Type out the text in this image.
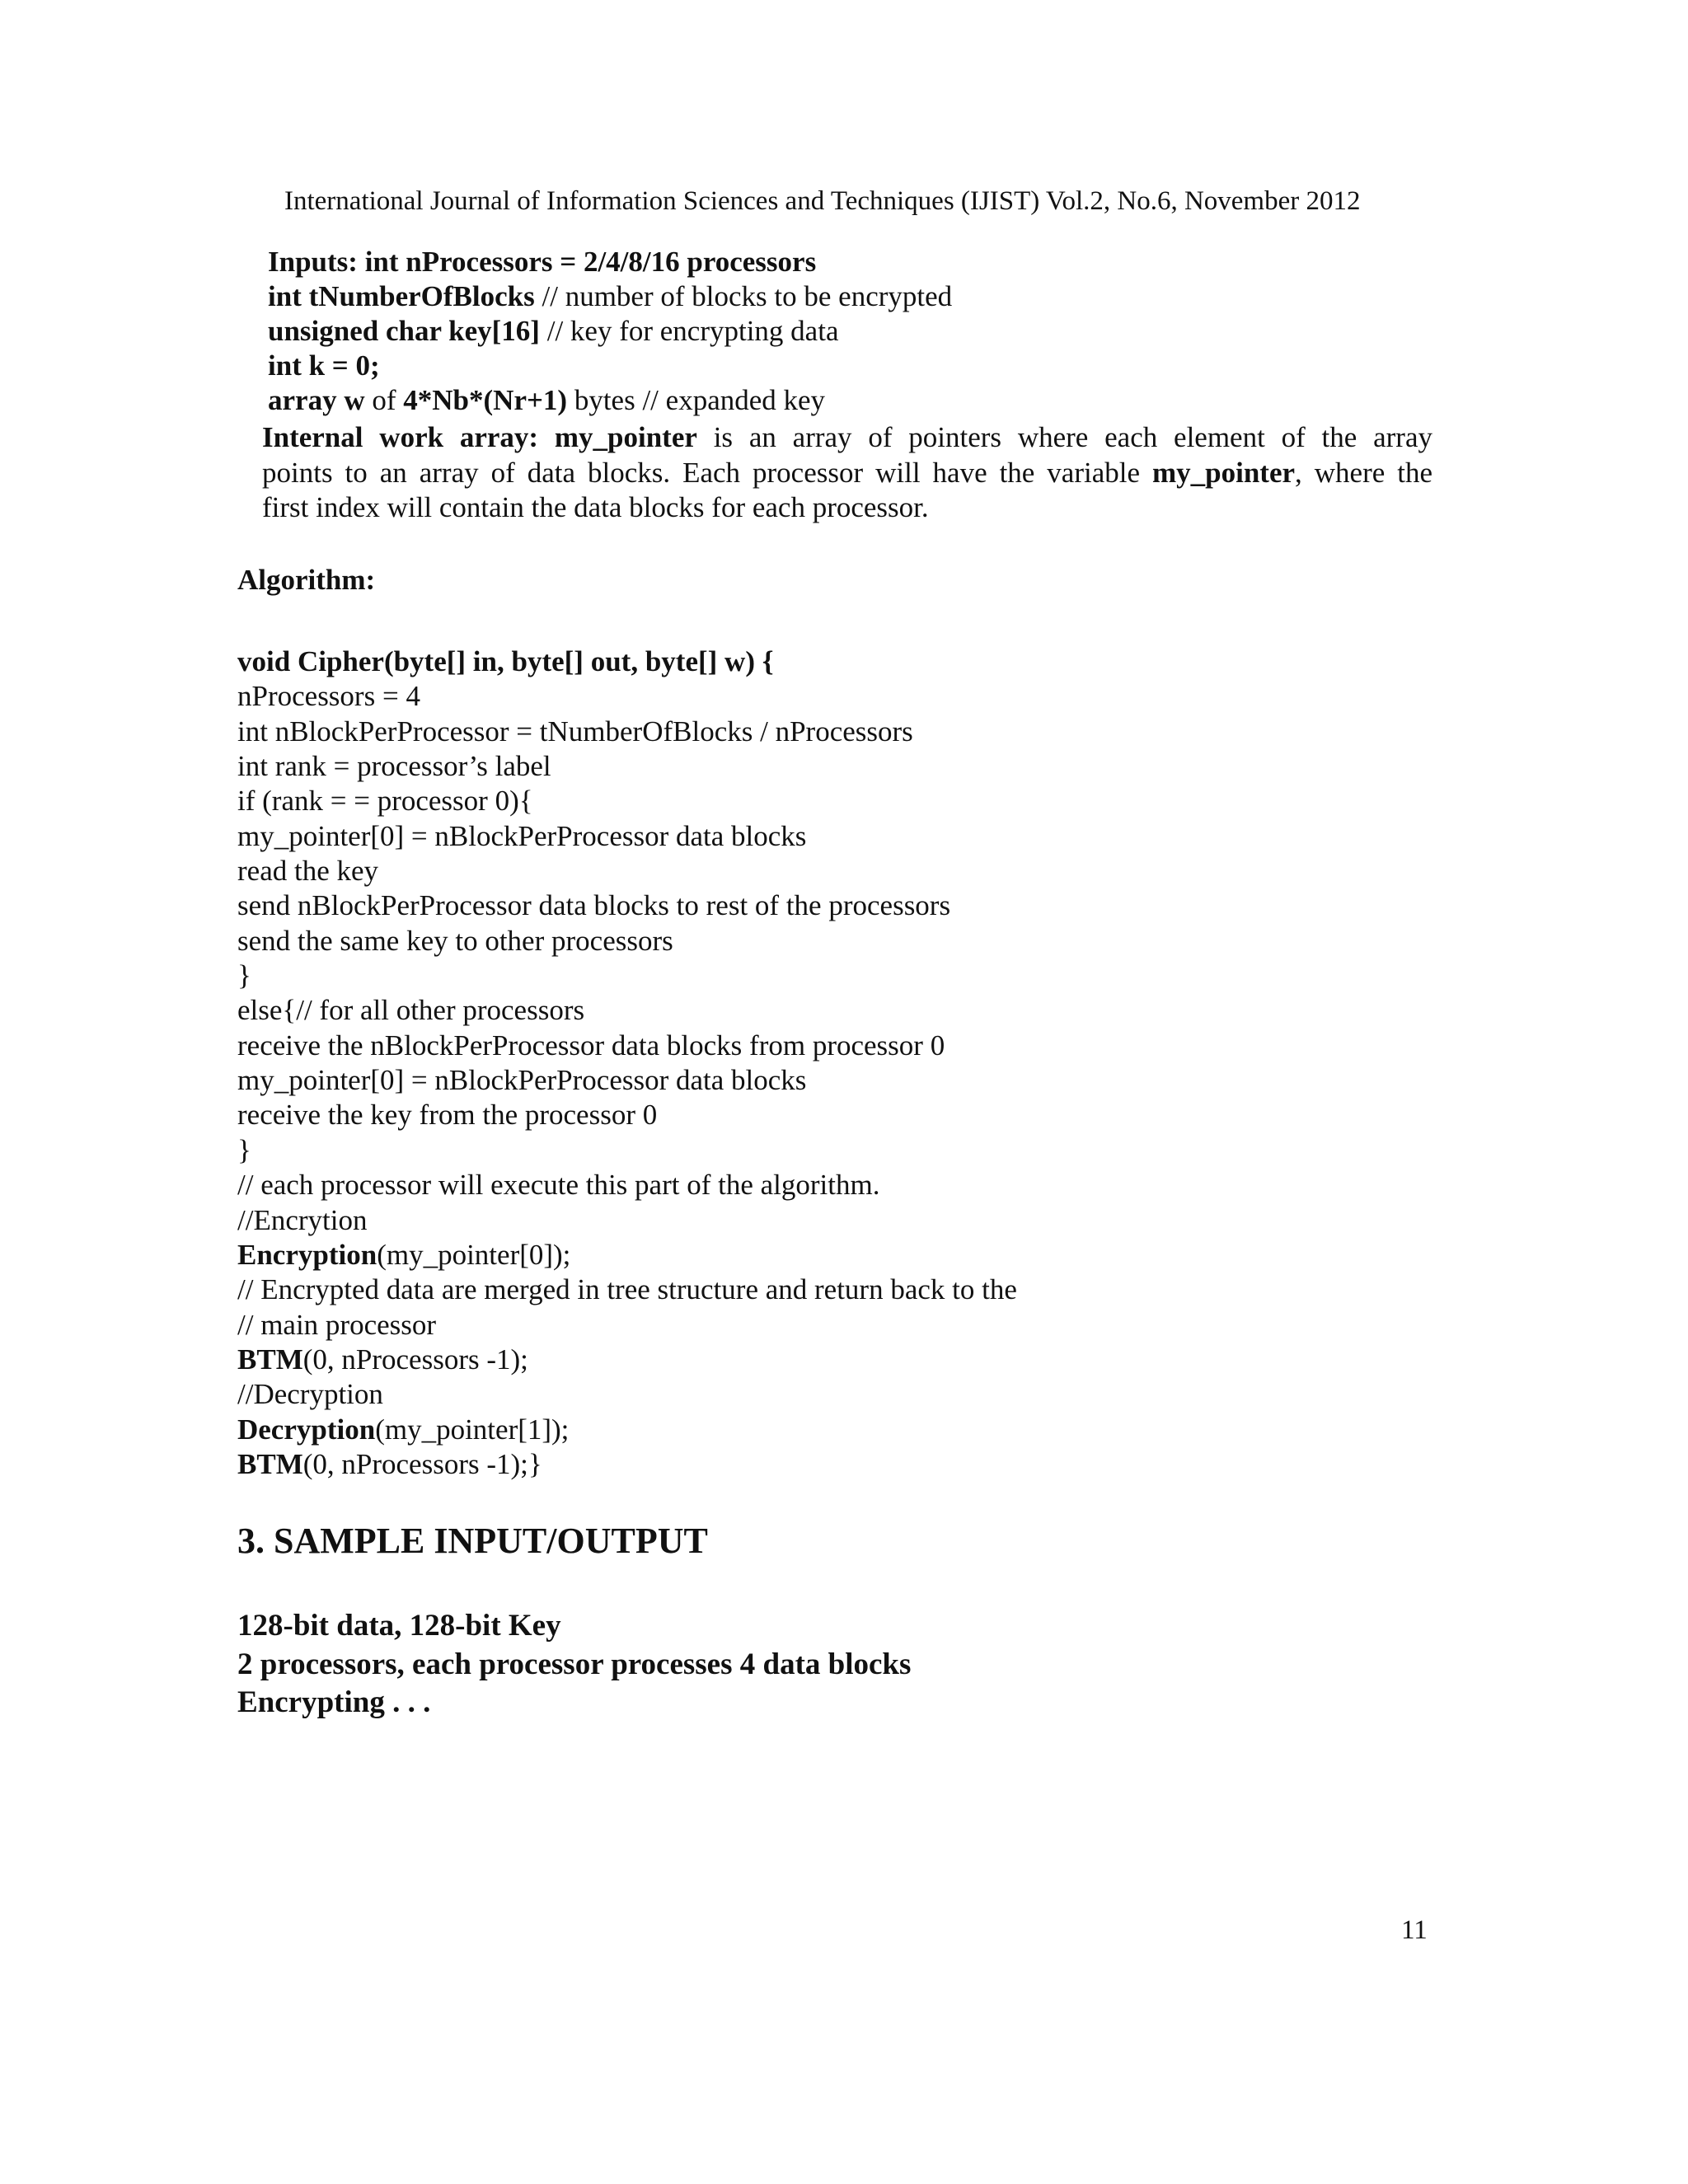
International Journal of Information Sciences and Techniques (IJIST) Vol.2, No.6, November 2012
Inputs: int nProcessors = 2/4/8/16 processors
int tNumberOfBlocks // number of blocks to be encrypted
unsigned char key[16] // key for encrypting data
int k = 0;
array w of 4*Nb*(Nr+1) bytes // expanded key
Internal work array: my_pointer is an array of pointers where each element of the array
points to an array of data blocks. Each processor will have the variable my_pointer, where the
first index will contain the data blocks for each processor.
Algorithm:
void Cipher(byte[] in, byte[] out, byte[] w) {
nProcessors = 4
int nBlockPerProcessor = tNumberOfBlocks / nProcessors
int rank = processor’s label
if (rank = = processor 0){
my_pointer[0] = nBlockPerProcessor data blocks
read the key
send nBlockPerProcessor data blocks to rest of the processors
send the same key to other processors
}
else{// for all other processors
receive the nBlockPerProcessor data blocks from processor 0
my_pointer[0] = nBlockPerProcessor data blocks
receive the key from the processor 0
}
// each processor will execute this part of the algorithm.
//Encrytion
Encryption(my_pointer[0]);
// Encrypted data are merged in tree structure and return back to the
// main processor
BTM(0, nProcessors -1);
//Decryption
Decryption(my_pointer[1]);
BTM(0, nProcessors -1);}
3. SAMPLE INPUT/OUTPUT
128-bit data, 128-bit Key
2 processors, each processor processes 4 data blocks
Encrypting . . .
11
